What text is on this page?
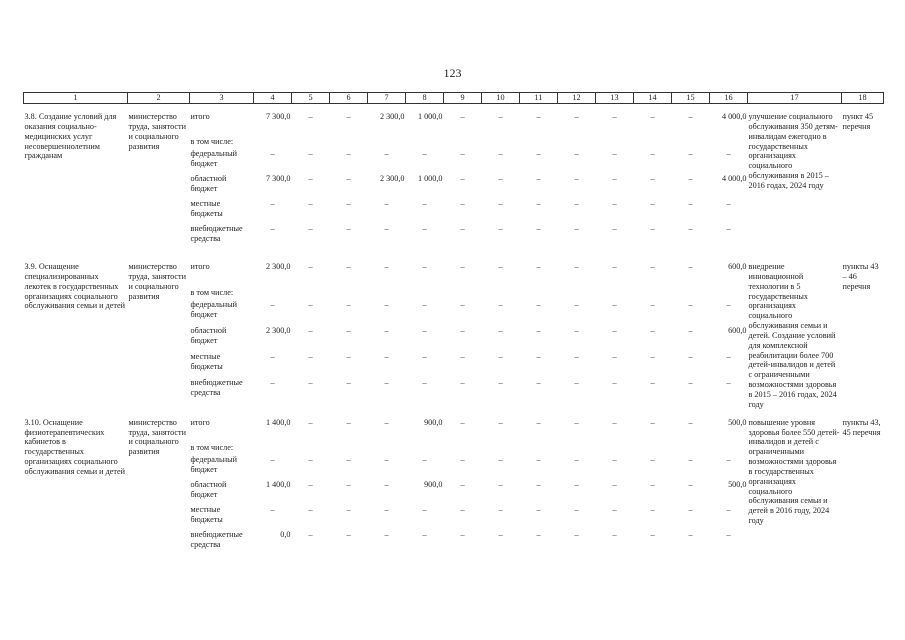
123
1	2	3	4	5	6	7	8	9	10	11	12	13	14	15	16	17	18

3.8. Создание условий для оказания социально-медицинских услуг несовершеннолетним гражданам	министерство труда, занятости и социального развития	итого	7 300,0	–	–	2 300,0	1 000,0	–	–	–	–	–	–	–	4 000,0	улучшение социального обслуживания 350 детям-инвалидам ежегодно в государственных организациях социального обслуживания в 2015 – 2016 годах, 2024 году	пункт 45 перечня
		в том числе:															
		федеральный бюджет	–	–	–	–	–	–	–	–	–	–	–	–	–		
		областной бюджет	7 300,0	–	–	2 300,0	1 000,0	–	–	–	–	–	–	–	4 000,0		
		местные бюджеты	–	–	–	–	–	–	–	–	–	–	–	–	–		
		внебюджетные средства	–	–	–	–	–	–	–	–	–	–	–	–	–		

3.9. Оснащение специализированных лекотек в государственных организациях социального обслуживания семьи и детей	министерство труда, занятости и социального развития	итого	2 300,0	–	–	–	–	–	–	–	–	–	–	–	600,0	внедрение инновационной технологии в 5 государственных организациях социального обслуживания семьи и детей. Создание условий для комплексной реабилитации более 700 детей-инвалидов и детей с ограниченными возможностями здоровья в 2015 – 2016 годах, 2024 году	пункты 43 – 46 перечня
		в том числе:															
		федеральный бюджет	–	–	–	–	–	–	–	–	–	–	–	–	–		
		областной бюджет	2 300,0	–	–	–	–	–	–	–	–	–	–	–	600,0		
		местные бюджеты	–	–	–	–	–	–	–	–	–	–	–	–	–		
		внебюджетные средства	–	–	–	–	–	–	–	–	–	–	–	–	–		

3.10. Оснащение физиотерапевтических кабинетов в государственных организациях социального обслуживания семьи и детей	министерство труда, занятости и социального развития	итого	1 400,0	–	–	–	900,0	–	–	–	–	–	–	–	500,0	повышение уровня здоровья более 550 детей-инвалидов и детей с ограниченными возможностями здоровья в государственных организациях социального обслуживания семьи и детей в 2016 году, 2024 году	пункты 43, 45 перечня
		в том числе:															
		федеральный бюджет	–	–	–	–	–	–	–	–	–	–	–	–	–		
		областной бюджет	1 400,0	–	–	–	900,0	–	–	–	–	–	–	–	500,0		
		местные бюджеты	–	–	–	–	–	–	–	–	–	–	–	–	–		
		внебюджетные средства	0,0	–	–	–	–	–	–	–	–	–	–	–	–		
